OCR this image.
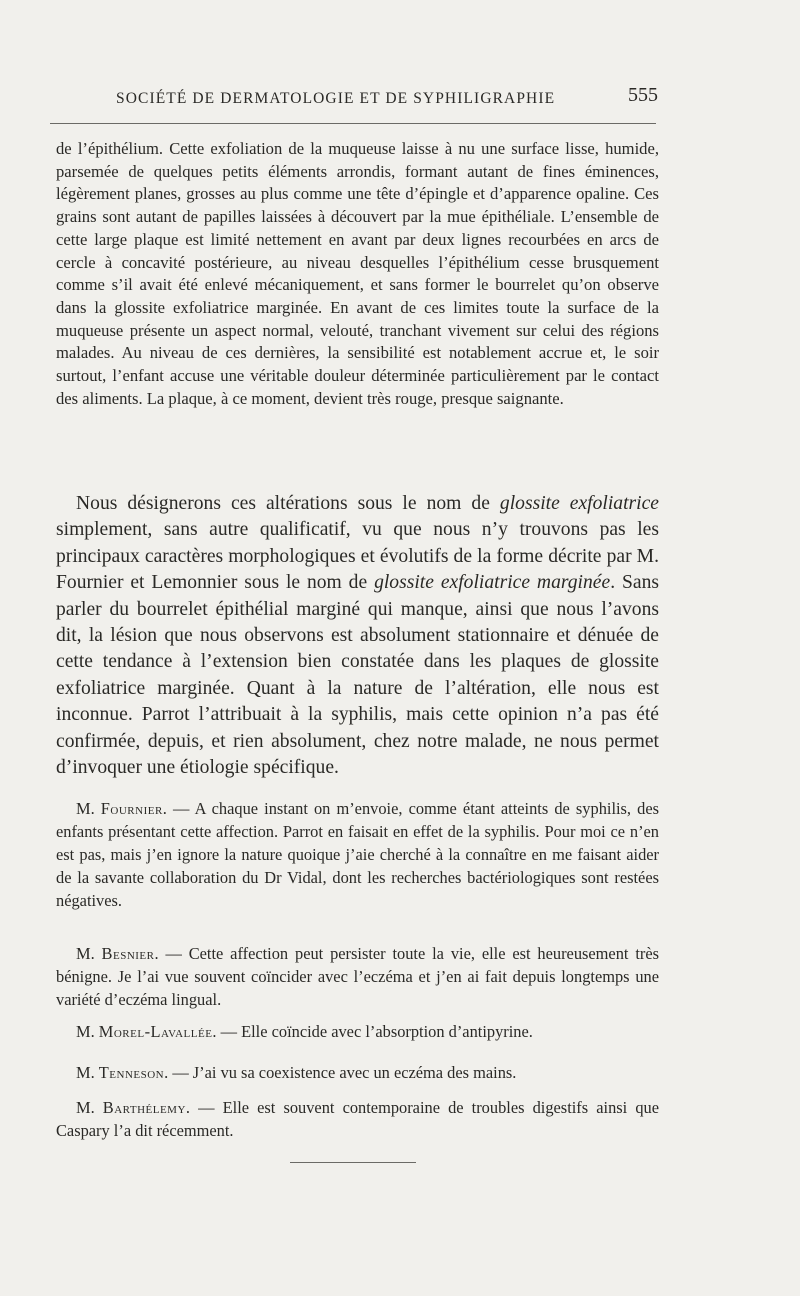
SOCIÉTÉ DE DERMATOLOGIE ET DE SYPHILIGRAPHIE	555

de l’épithélium. Cette exfoliation de la muqueuse laisse à nu une surface lisse, humide, parsemée de quelques petits éléments arrondis, formant autant de fines éminences, légèrement planes, grosses au plus comme une tête d’épingle et d’apparence opaline. Ces grains sont autant de papilles laissées à découvert par la mue épithéliale. L’ensemble de cette large plaque est limité nettement en avant par deux lignes recourbées en arcs de cercle à concavité postérieure, au niveau desquelles l’épithélium cesse brusquement comme s’il avait été enlevé mécaniquement, et sans former le bourrelet qu’on observe dans la glossite exfoliatrice marginée. En avant de ces limites toute la surface de la muqueuse présente un aspect normal, velouté, tranchant vivement sur celui des régions malades. Au niveau de ces dernières, la sensibilité est notablement accrue et, le soir surtout, l’enfant accuse une véritable douleur déterminée particulièrement par le contact des aliments. La plaque, à ce moment, devient très rouge, presque saignante.

Nous désignerons ces altérations sous le nom de glossite exfoliatrice simplement, sans autre qualificatif, vu que nous n’y trouvons pas les principaux caractères morphologiques et évolutifs de la forme décrite par M. Fournier et Lemonnier sous le nom de glossite exfoliatrice marginée. Sans parler du bourrelet épithélial marginé qui manque, ainsi que nous l’avons dit, la lésion que nous observons est absolument stationnaire et dénuée de cette tendance à l’extension bien constatée dans les plaques de glossite exfoliatrice marginée. Quant à la nature de l’altération, elle nous est inconnue. Parrot l’attribuait à la syphilis, mais cette opinion n’a pas été confirmée, depuis, et rien absolument, chez notre malade, ne nous permet d’invoquer une étiologie spécifique.

M. Fournier. — A chaque instant on m’envoie, comme étant atteints de syphilis, des enfants présentant cette affection. Parrot en faisait en effet de la syphilis. Pour moi ce n’en est pas, mais j’en ignore la nature quoique j’aie cherché à la connaître en me faisant aider de la savante collaboration du Dr Vidal, dont les recherches bactériologiques sont restées négatives.

M. Besnier. — Cette affection peut persister toute la vie, elle est heureusement très bénigne. Je l’ai vue souvent coïncider avec l’eczéma et j’en ai fait depuis longtemps une variété d’eczéma lingual.

M. Morel-Lavallée. — Elle coïncide avec l’absorption d’antipyrine.

M. Tenneson. — J’ai vu sa coexistence avec un eczéma des mains.

M. Barthélemy. — Elle est souvent contemporaine de troubles digestifs ainsi que Caspary l’a dit récemment.
